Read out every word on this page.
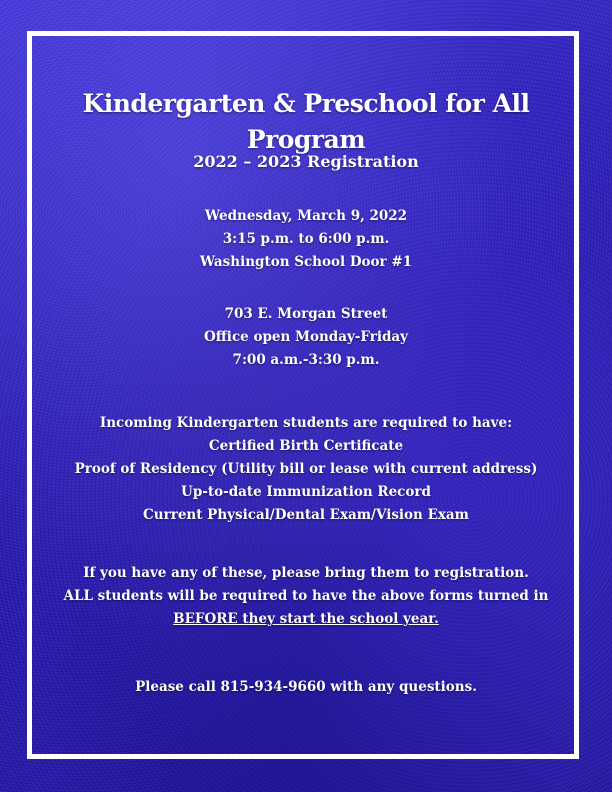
Kindergarten & Preschool for All Program
2022 – 2023 Registration
Wednesday, March 9, 2022
3:15 p.m. to 6:00 p.m.
Washington School Door #1
703 E. Morgan Street
Office open Monday-Friday
7:00 a.m.-3:30 p.m.
Incoming Kindergarten students are required to have:
Certified Birth Certificate
Proof of Residency (Utility bill or lease with current address)
Up-to-date Immunization Record
Current Physical/Dental Exam/Vision Exam
If you have any of these, please bring them to registration.
ALL students will be required to have the above forms turned in
BEFORE they start the school year.
Please call 815-934-9660 with any questions.
